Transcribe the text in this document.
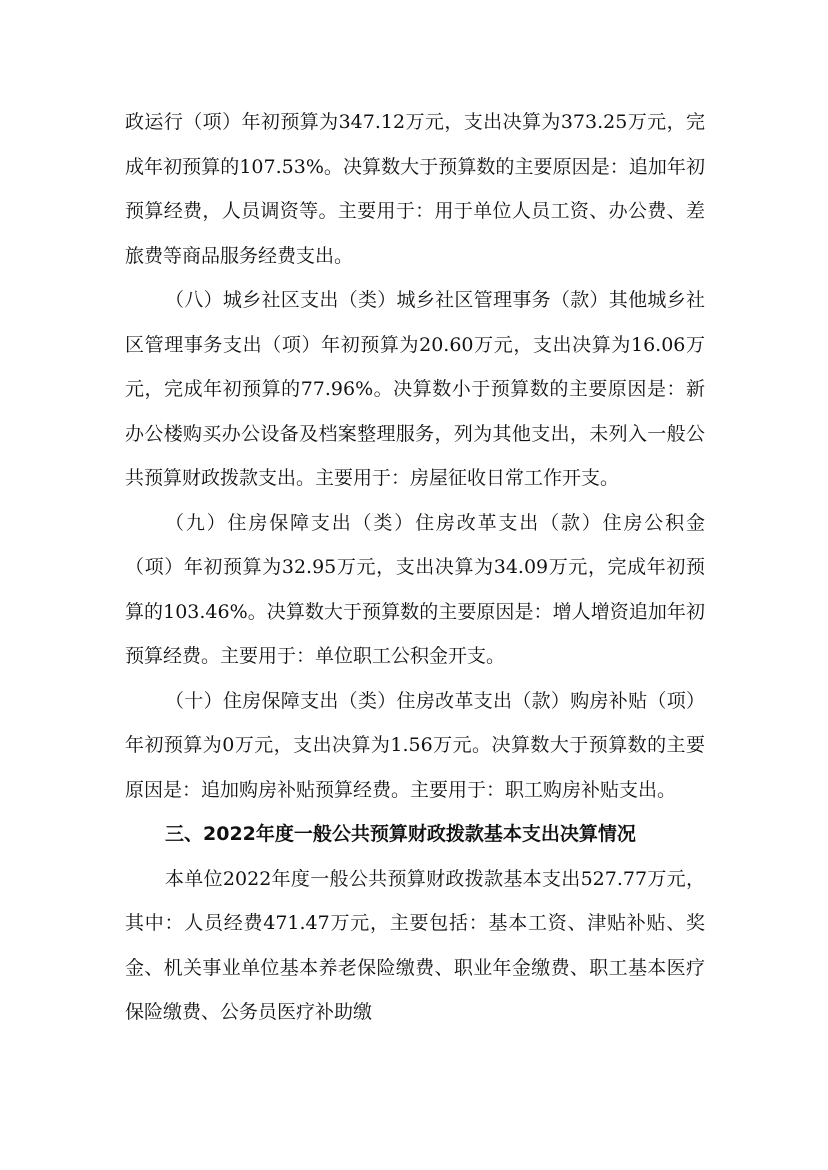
政运行（项）年初预算为347.12万元，支出决算为373.25万元，完成年初预算的107.53%。决算数大于预算数的主要原因是：追加年初预算经费，人员调资等。主要用于：用于单位人员工资、办公费、差旅费等商品服务经费支出。

（八）城乡社区支出（类）城乡社区管理事务（款）其他城乡社区管理事务支出（项）年初预算为20.60万元，支出决算为16.06万元，完成年初预算的77.96%。决算数小于预算数的主要原因是：新办公楼购买办公设备及档案整理服务，列为其他支出，未列入一般公共预算财政拨款支出。主要用于：房屋征收日常工作开支。

（九）住房保障支出（类）住房改革支出（款）住房公积金（项）年初预算为32.95万元，支出决算为34.09万元，完成年初预算的103.46%。决算数大于预算数的主要原因是：增人增资追加年初预算经费。主要用于：单位职工公积金开支。

（十）住房保障支出（类）住房改革支出（款）购房补贴（项）年初预算为0万元，支出决算为1.56万元。决算数大于预算数的主要原因是：追加购房补贴预算经费。主要用于：职工购房补贴支出。

三、2022年度一般公共预算财政拨款基本支出决算情况

本单位2022年度一般公共预算财政拨款基本支出527.77万元，其中：人员经费471.47万元，主要包括：基本工资、津贴补贴、奖金、机关事业单位基本养老保险缴费、职业年金缴费、职工基本医疗保险缴费、公务员医疗补助缴
